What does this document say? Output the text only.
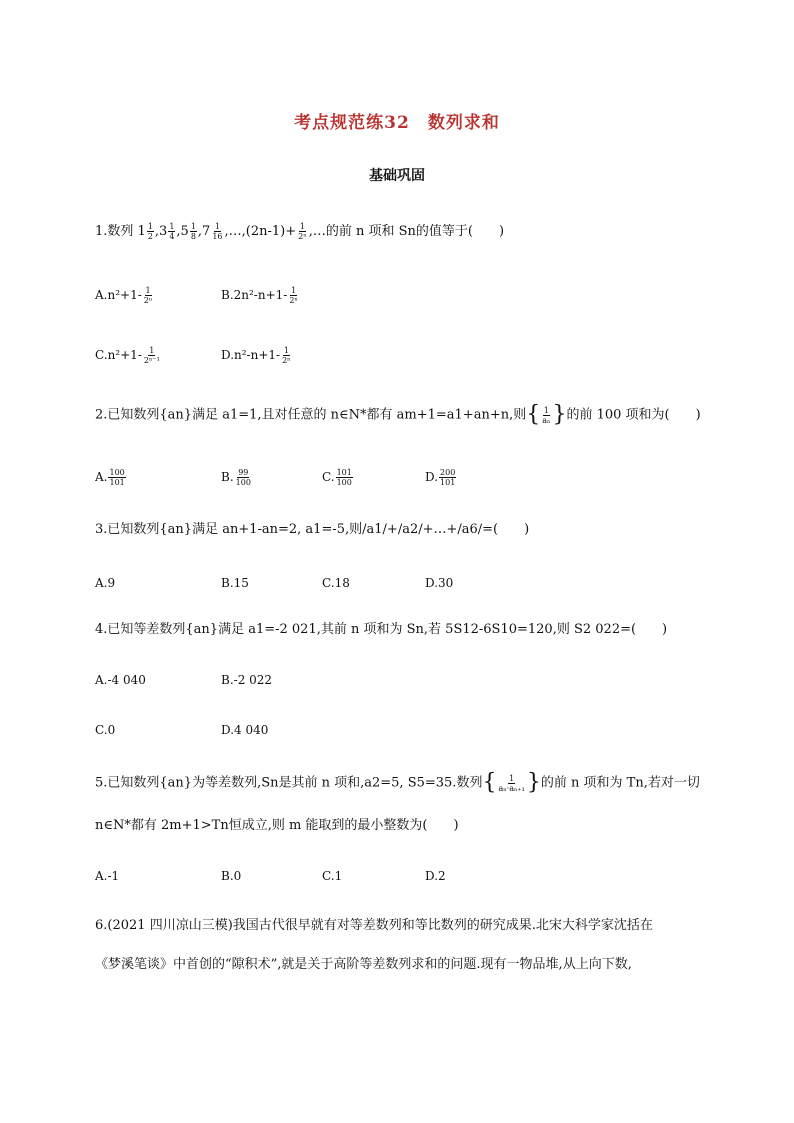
考点规范练32　数列求和
基础巩固
1.数列 $1 \frac{1}{2} ,3 \frac{1}{4} ,5 \frac{1}{8} ,7 \frac{1}{16}$ ,…,(2n-1)+ $\frac{1}{\text{2ⁿ}}$ ,…的前 n 项和 Sn的值等于(　　)
$A.n^2+1- \frac{1}{\text{2ⁿ}}$	$B.2n^2-n+1- \frac{1}{\text{2ⁿ}}$
$C.n^2+1- \frac{1}{\text{2ⁿ⁻¹}}$	$D.n^2-n+1- \frac{1}{\text{2ⁿ}}$
2.已知数列{an}满足 a1=1,且对任意的 n∈N*都有 am+1=a1+an+n,则{ $\frac{1}{\text{aₙ}}$ }的前 100 项和为(　　)
A. $\frac{100}{101}$	B. $\frac{99}{100}$	C. $\frac{101}{100}$	D. $\frac{200}{101}$
3.已知数列{an}满足 an+1-an=2, a1=-5,则/a1/+/a2/+…+/a6/=(　　)
A.9	B.15	C.18	D.30
4.已知等差数列{an}满足 a1=-2 021,其前 n 项和为 Sn,若 5S12-6S10=120,则 S2 022=(　　)
A.-4 040	B.-2 022
C.0	D.4 040
5.已知数列{an}为等差数列,Sn是其前 n 项和,a2=5, S5=35.数列{ $\frac{1}{\text{aₙ·aₙ₊₁}}$ }的前 n 项和为 Tn,若对一切
n∈N*都有 2m+1>Tn恒成立,则 m 能取到的最小整数为(　　)
A.-1	B.0	C.1	D.2
6.(2021 四川凉山三模)我国古代很早就有对等差数列和等比数列的研究成果.北宋大科学家沈括在
《梦溪笔谈》中首创的“隙积术”,就是关于高阶等差数列求和的问题.现有一物品堆,从上向下数,
